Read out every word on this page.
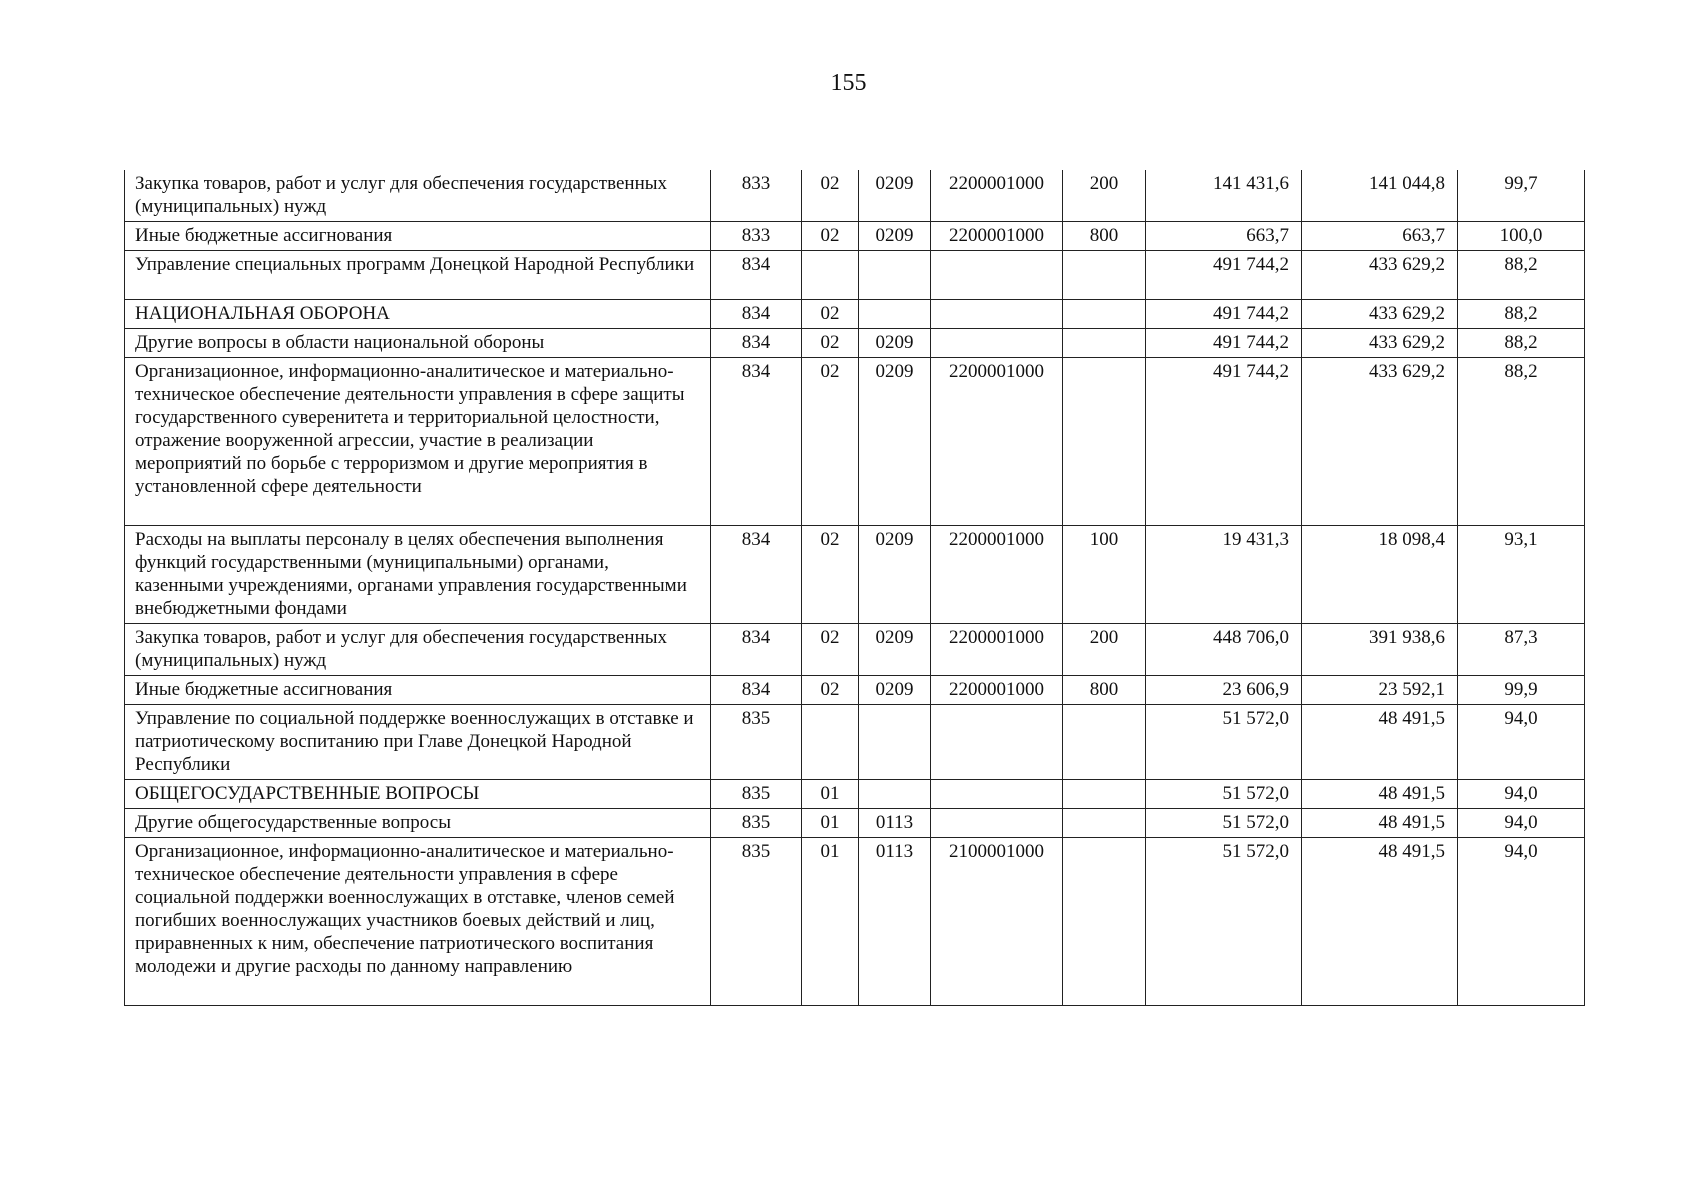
155
Закупка товаров, работ и услуг для обеспечения государственных (муниципальных) нужд	833	02	0209	2200001000	200	141 431,6	141 044,8	99,7
Иные бюджетные ассигнования	833	02	0209	2200001000	800	663,7	663,7	100,0
Управление специальных программ Донецкой Народной Республики	834					491 744,2	433 629,2	88,2
НАЦИОНАЛЬНАЯ ОБОРОНА	834	02				491 744,2	433 629,2	88,2
Другие вопросы в области национальной обороны	834	02	0209			491 744,2	433 629,2	88,2
Организационное, информационно-аналитическое и материально-техническое обеспечение деятельности управления в сфере защиты государственного суверенитета и территориальной целостности, отражение вооруженной агрессии, участие в реализации мероприятий по борьбе с терроризмом и другие мероприятия в установленной сфере деятельности	834	02	0209	2200001000		491 744,2	433 629,2	88,2
Расходы на выплаты персоналу в целях обеспечения выполнения функций государственными (муниципальными) органами, казенными учреждениями, органами управления государственными внебюджетными фондами	834	02	0209	2200001000	100	19 431,3	18 098,4	93,1
Закупка товаров, работ и услуг для обеспечения государственных (муниципальных) нужд	834	02	0209	2200001000	200	448 706,0	391 938,6	87,3
Иные бюджетные ассигнования	834	02	0209	2200001000	800	23 606,9	23 592,1	99,9
Управление по социальной поддержке военнослужащих в отставке и патриотическому воспитанию при Главе Донецкой Народной Республики	835					51 572,0	48 491,5	94,0
ОБЩЕГОСУДАРСТВЕННЫЕ ВОПРОСЫ	835	01				51 572,0	48 491,5	94,0
Другие общегосударственные вопросы	835	01	0113			51 572,0	48 491,5	94,0
Организационное, информационно-аналитическое и материально-техническое обеспечение деятельности управления в сфере социальной поддержки военнослужащих в отставке, членов семей погибших военнослужащих участников боевых действий и лиц, приравненных к ним, обеспечение патриотического воспитания молодежи и другие расходы по данному направлению	835	01	0113	2100001000		51 572,0	48 491,5	94,0
